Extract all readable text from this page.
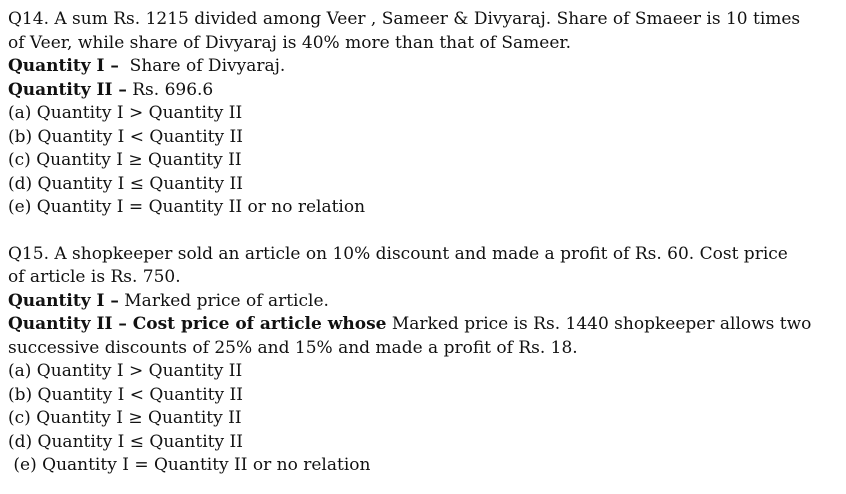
Q14. A sum Rs. 1215 divided among Veer , Sameer & Divyaraj. Share of Smaeer is 10 times
of Veer, while share of Divyaraj is 40% more than that of Sameer.
Quantity I –  Share of Divyaraj.
Quantity II – Rs. 696.6
(a) Quantity I > Quantity II
(b) Quantity I < Quantity II
(c) Quantity I ≥ Quantity II
(d) Quantity I ≤ Quantity II
(e) Quantity I = Quantity II or no relation
Q15. A shopkeeper sold an article on 10% discount and made a profit of Rs. 60. Cost price
of article is Rs. 750.
Quantity I – Marked price of article.
Quantity II – Cost price of article whose Marked price is Rs. 1440 shopkeeper allows two
successive discounts of 25% and 15% and made a profit of Rs. 18.
(a) Quantity I > Quantity II
(b) Quantity I < Quantity II
(c) Quantity I ≥ Quantity II
(d) Quantity I ≤ Quantity II
(e) Quantity I = Quantity II or no relation
